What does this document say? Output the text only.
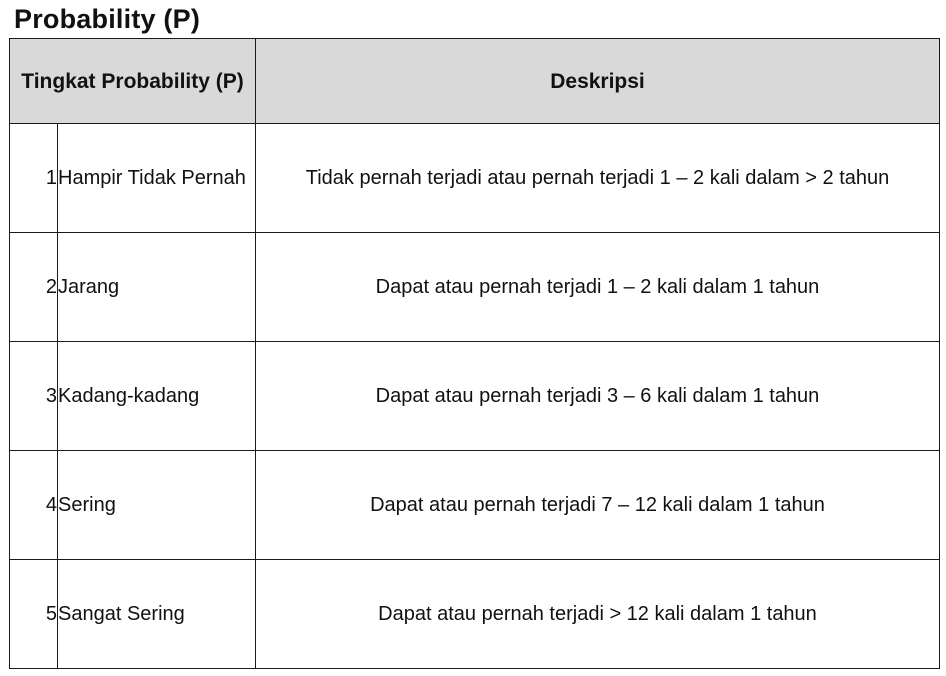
Probability (P)
Tingkat Probability (P)		Deskripsi
1	Hampir Tidak Pernah	Tidak pernah terjadi atau pernah terjadi 1 – 2 kali dalam > 2 tahun
2	Jarang	Dapat atau pernah terjadi 1 – 2 kali dalam 1 tahun
3	Kadang-kadang	Dapat atau pernah terjadi 3 – 6 kali dalam 1 tahun
4	Sering	Dapat atau pernah terjadi 7 – 12 kali dalam 1 tahun
5	Sangat Sering	Dapat atau pernah terjadi > 12 kali dalam 1 tahun
